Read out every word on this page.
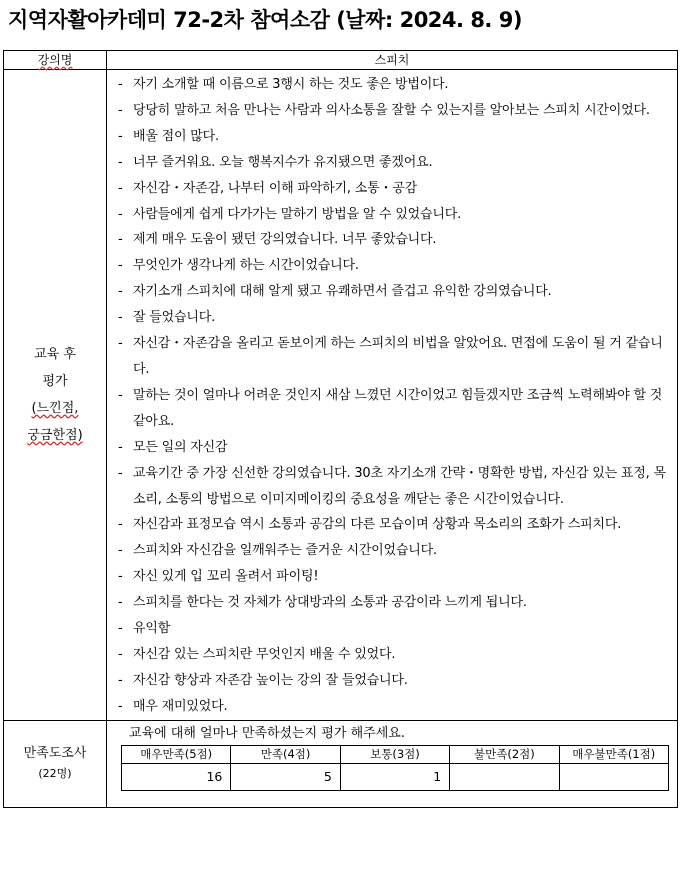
지역자활아카데미 72-2차 참여소감 (날짜: 2024. 8. 9)
강의명	스피치

교육 후
평가
(느낀점,
궁금한점)

- 자기 소개할 때 이름으로 3행시 하는 것도 좋은 방법이다.
- 당당히 말하고 처음 만나는 사람과 의사소통을 잘할 수 있는지를 알아보는 스피치 시간이었다.
- 배울 점이 많다.
- 너무 즐거워요. 오늘 행복지수가 유지됐으면 좋겠어요.
- 자신감・자존감, 나부터 이해 파악하기, 소통・공감
- 사람들에게 쉽게 다가가는 말하기 방법을 알 수 있었습니다.
- 제게 매우 도움이 됐던 강의였습니다. 너무 좋았습니다.
- 무엇인가 생각나게 하는 시간이었습니다.
- 자기소개 스피치에 대해 알게 됐고 유쾌하면서 즐겁고 유익한 강의였습니다.
- 잘 들었습니다.
- 자신감・자존감을 올리고 돋보이게 하는 스피치의 비법을 알았어요. 면접에 도움이 될 거 같습니다.
- 말하는 것이 얼마나 어려운 것인지 새삼 느꼈던 시간이었고 힘들겠지만 조금씩 노력해봐야 할 것 같아요.
- 모든 일의 자신감
- 교육기간 중 가장 신선한 강의였습니다. 30초 자기소개 간략・명확한 방법, 자신감 있는 표정, 목소리, 소통의 방법으로 이미지메이킹의 중요성을 깨닫는 좋은 시간이었습니다.
- 자신감과 표정모습 역시 소통과 공감의 다른 모습이며 상황과 목소리의 조화가 스피치다.
- 스피치와 자신감을 일깨워주는 즐거운 시간이었습니다.
- 자신 있게 입 꼬리 올려서 파이팅!
- 스피치를 한다는 것 자체가 상대방과의 소통과 공감이라 느끼게 됩니다.
- 유익함
- 자신감 있는 스피치란 무엇인지 배울 수 있었다.
- 자신감 향상과 자존감 높이는 강의 잘 들었습니다.
- 매우 재미있었다.

만족도조사
(22명)

교육에 대해 얼마나 만족하셨는지 평가 해주세요.
매우만족(5점)	만족(4점)	보통(3점)	불만족(2점)	매우불만족(1점)
16	5	1		
